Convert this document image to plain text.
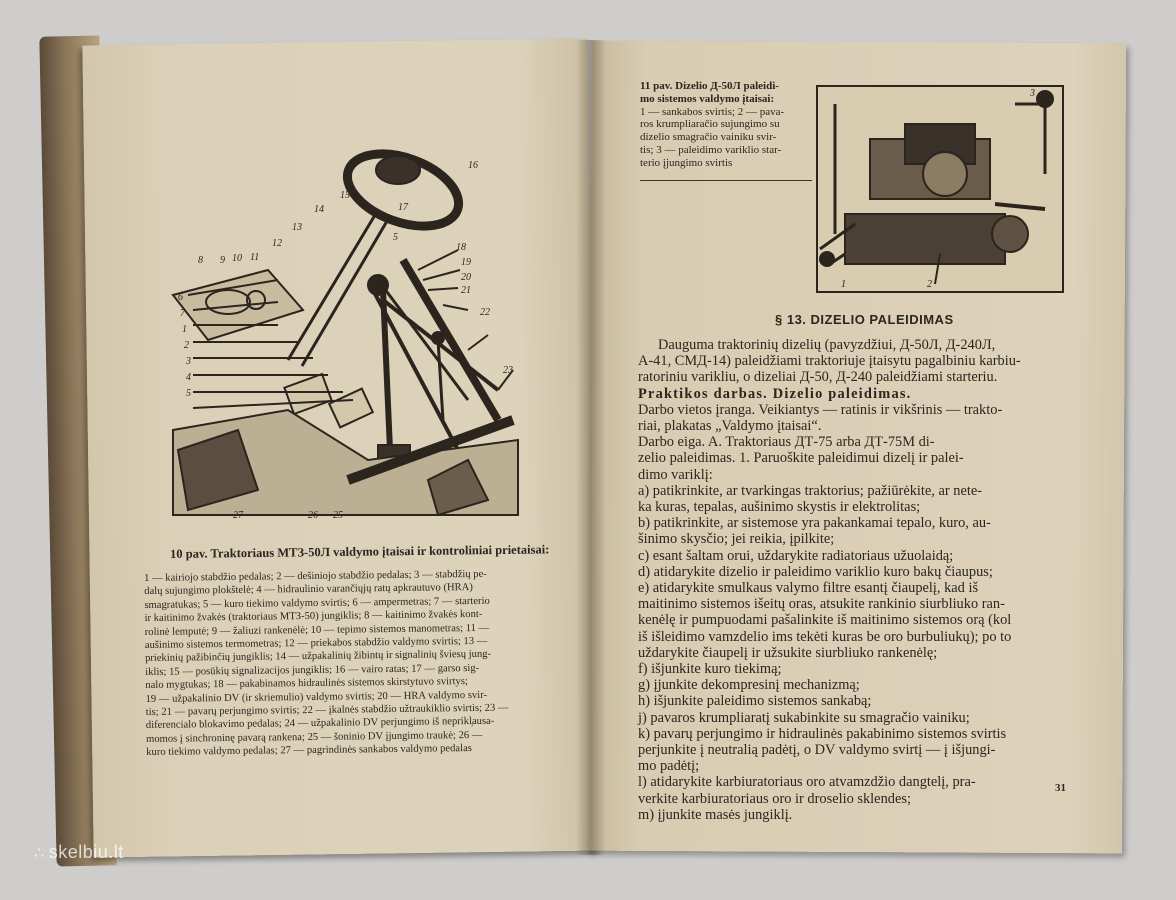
16
15
14	17
5
13
12	18
19
20
21
22
23
8 9 10 11
6
7
1
2
3
4
5
27	26 25
10 pav. Traktoriaus MTЗ-50Л valdymo įtaisai ir kontroliniai prietaisai:
1 — kairiojo stabdžio pedalas; 2 — dešiniojo stabdžio pedalas; 3 — stabdžių pe-
dalų sujungimo plokštelė; 4 — hidraulinio varančiųjų ratų apkrautuvo (HRA)
smagratukas; 5 — kuro tiekimo valdymo svirtis; 6 — ampermetras; 7 — starterio
ir kaitinimo žvakės (traktoriaus MTЗ-50) jungiklis; 8 — kaitinimo žvakės kont-
rolinė lemputė; 9 — žaliuzi rankenėlė; 10 — tepimo sistemos manometras; 11 —
aušinimo sistemos termometras; 12 — priekabos stabdžio valdymo svirtis; 13 —
priekinių pažibinčių jungiklis; 14 — užpakalinių žibintų ir signalinių šviesų jung-
iklis; 15 — posūkių signalizacijos jungiklis; 16 — vairo ratas; 17 — garso sig-
nalo mygtukas; 18 — pakabinamos hidraulinės sistemos skirstytuvo svirtys;
19 — užpakalinio DV (ir skriemulio) valdymo svirtis; 20 — HRA valdymo svir-
tis; 21 — pavarų perjungimo svirtis; 22 — įkalnės stabdžio užtraukiklio svirtis; 23 —
diferencialo blokavimo pedalas; 24 — užpakalinio DV perjungimo iš neprikl̦ausa-
momos į sinchroninę pavarą rankena; 25 — šoninio DV įjungimo traukė; 26 —
kuro tiekimo valdymo pedalas; 27 — pagrindinės sankabos valdymo pedalas
11 pav. Dizelio Д-50Л paleidi-
mo sistemos valdymo įtaisai:
1 — sankabos svirtis; 2 — pava-
ros krumpliaračio sujungimo su
dizelio smagračio vainiku svir-
tis; 3 — paleidimo variklio star-
terio įjungimo svirtis
3
1	2
§ 13. DIZELIO PALEIDIMAS
Dauguma traktorinių dizelių (pavyzdžiui, Д-50Л, Д-240Л,
A-41, СМД-14) paleidžiami traktoriuje įtaisytu pagalbiniu karbiu-
ratoriniu varikliu, o dizeliai Д-50, Д-240 paleidžiami starteriu.
Praktikos darbas. Dizelio paleidimas.
Darbo vietos įranga. Veikiantys — ratinis ir vikšrinis — trakto-
riai, plakatas „Valdymo įtaisai“.
Darbo eiga. A. Traktoriaus ДТ-75 arba ДТ-75М di-
zelio paleidimas. 1. Paruoškite paleidimui dizelį ir palei-
dimo variklį:
a) patikrinkite, ar tvarkingas traktorius; pažiūrėkite, ar nete-
ka kuras, tepalas, aušinimo skystis ir elektrolitas;
b) patikrinkite, ar sistemose yra pakankamai tepalo, kuro, au-
šinimo skysčio; jei reikia, įpilkite;
c) esant šaltam orui, uždarykite radiatoriaus užuolaidą;
d) atidarykite dizelio ir paleidimo variklio kuro bakų čiaupus;
e) atidarykite smulkaus valymo filtre esantį čiaupelį, kad iš
maitinimo sistemos išeitų oras, atsukite rankinio siurbliuko ran-
kenėlę ir pumpuodami pašalinkite iš maitinimo sistemos orą (kol
iš išleidimo vamzdelio ims tekėti kuras be oro burbuliukų); po to
uždarykite čiaupelį ir užsukite siurbliuko rankenėlę;
f) išjunkite kuro tiekimą;
g) įjunkite dekompresinį mechanizmą;
h) išjunkite paleidimo sistemos sankabą;
j) pavaros krumpliaratį sukabinkite su smagračio vainiku;
k) pavarų perjungimo ir hidraulinės pakabinimo sistemos svirtis
perjunkite į neutralią padėtį, o DV valdymo svirtį — į išjungi-
mo padėtį;
l) atidarykite karbiuratoriaus oro atvamzdžio dangtelį, pra-
verkite karbiuratoriaus oro ir droselio sklendes;
m) įjunkite masės jungiklį.
31
∴ skelbiu.lt
